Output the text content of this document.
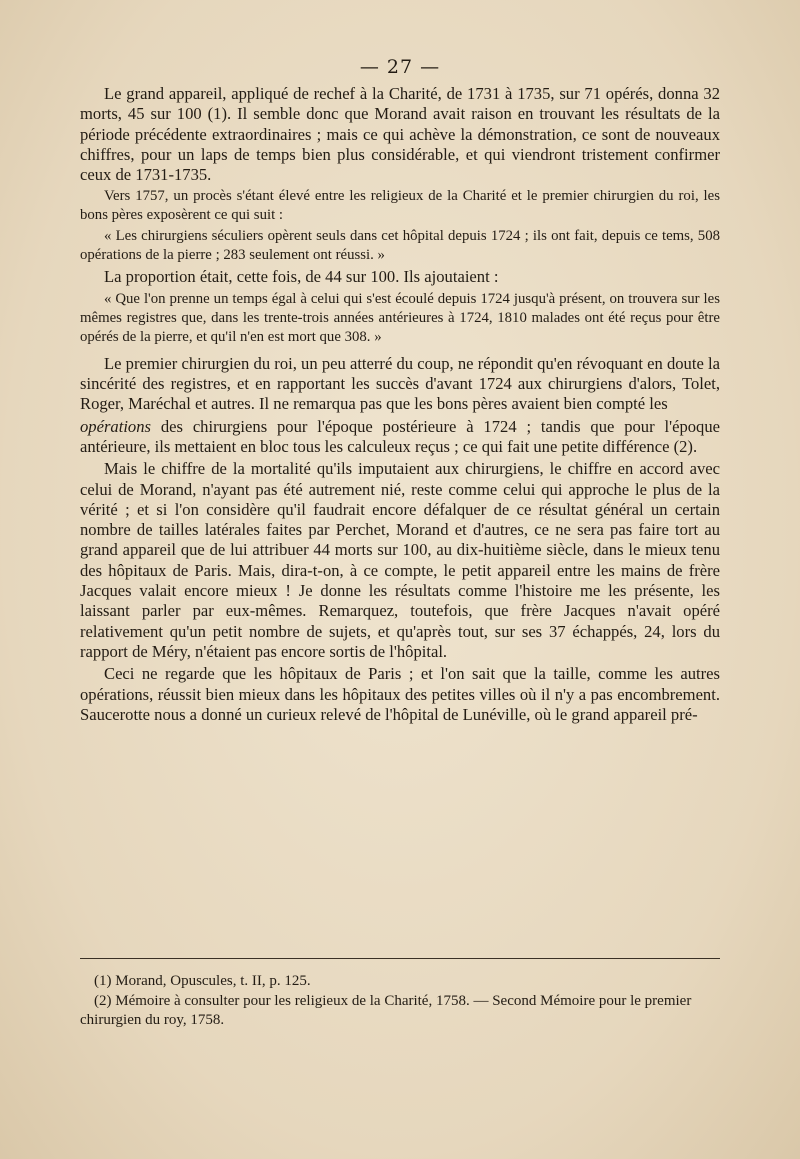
— 27 —

Le grand appareil, appliqué de rechef à la Charité, de 1731 à 1735, sur 71 opérés, donna 32 morts, 45 sur 100 (1). Il semble donc que Morand avait raison en trouvant les résultats de la période précédente extraordinaires ; mais ce qui achève la démonstration, ce sont de nouveaux chiffres, pour un laps de temps bien plus considérable, et qui viendront tristement confirmer ceux de 1731-1735.

Vers 1757, un procès s'étant élevé entre les religieux de la Charité et le premier chirurgien du roi, les bons pères exposèrent ce qui suit :

« Les chirurgiens séculiers opèrent seuls dans cet hôpital depuis 1724 ; ils ont fait, depuis ce tems, 508 opérations de la pierre ; 283 seulement ont réussi. »

La proportion était, cette fois, de 44 sur 100. Ils ajoutaient :

« Que l'on prenne un temps égal à celui qui s'est écoulé depuis 1724 jusqu'à présent, on trouvera sur les mêmes registres que, dans les trente-trois années antérieures à 1724, 1810 malades ont été reçus pour être opérés de la pierre, et qu'il n'en est mort que 308. »

Le premier chirurgien du roi, un peu atterré du coup, ne répondit qu'en révoquant en doute la sincérité des registres, et en rapportant les succès d'avant 1724 aux chirurgiens d'alors, Tolet, Roger, Maréchal et autres. Il ne remarqua pas que les bons pères avaient bien compté les

opérations des chirurgiens pour l'époque postérieure à 1724 ; tandis que pour l'époque antérieure, ils mettaient en bloc tous les calculeux reçus ; ce qui fait une petite différence (2).

Mais le chiffre de la mortalité qu'ils imputaient aux chirurgiens, le chiffre en accord avec celui de Morand, n'ayant pas été autrement nié, reste comme celui qui approche le plus de la vérité ; et si l'on considère qu'il faudrait encore défalquer de ce résultat général un certain nombre de tailles latérales faites par Perchet, Morand et d'autres, ce ne sera pas faire tort au grand appareil que de lui attribuer 44 morts sur 100, au dix-huitième siècle, dans le mieux tenu des hôpitaux de Paris. Mais, dira-t-on, à ce compte, le petit appareil entre les mains de frère Jacques valait encore mieux ! Je donne les résultats comme l'histoire me les présente, les laissant parler par eux-mêmes. Remarquez, toutefois, que frère Jacques n'avait opéré relativement qu'un petit nombre de sujets, et qu'après tout, sur ses 37 échappés, 24, lors du rapport de Méry, n'étaient pas encore sortis de l'hôpital.

Ceci ne regarde que les hôpitaux de Paris ; et l'on sait que la taille, comme les autres opérations, réussit bien mieux dans les hôpitaux des petites villes où il n'y a pas encombrement. Saucerotte nous a donné un curieux relevé de l'hôpital de Lunéville, où le grand appareil pré-

(1) Morand, Opuscules, t. II, p. 125.

(2) Mémoire à consulter pour les religieux de la Charité, 1758. — Second Mémoire pour le premier chirurgien du roy, 1758.
